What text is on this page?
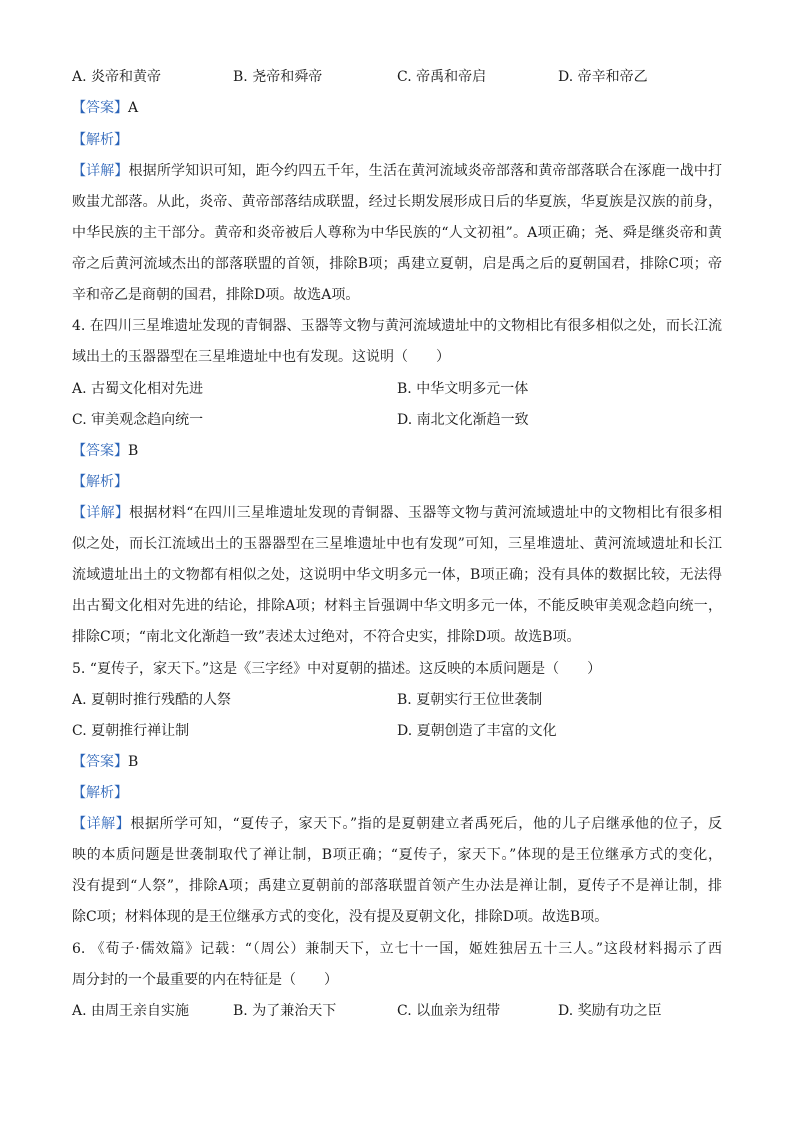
A. 炎帝和黄帝	B. 尧帝和舜帝	C. 帝禹和帝启	D. 帝辛和帝乙
【答案】A
【解析】
【详解】根据所学知识可知，距今约四五千年，生活在黄河流域炎帝部落和黄帝部落联合在涿鹿一战中打
败蚩尤部落。从此，炎帝、黄帝部落结成联盟，经过长期发展形成日后的华夏族，华夏族是汉族的前身，
中华民族的主干部分。黄帝和炎帝被后人尊称为中华民族的“人文初祖”。A项正确；尧、舜是继炎帝和黄
帝之后黄河流域杰出的部落联盟的首领，排除B项；禹建立夏朝，启是禹之后的夏朝国君，排除C项；帝
辛和帝乙是商朝的国君，排除D项。故选A项。
4. 在四川三星堆遗址发现的青铜器、玉器等文物与黄河流域遗址中的文物相比有很多相似之处，而长江流
域出土的玉器器型在三星堆遗址中也有发现。这说明（　　）
A. 古蜀文化相对先进	B. 中华文明多元一体
C. 审美观念趋向统一	D. 南北文化渐趋一致
【答案】B
【解析】
【详解】根据材料“在四川三星堆遗址发现的青铜器、玉器等文物与黄河流域遗址中的文物相比有很多相
似之处，而长江流域出土的玉器器型在三星堆遗址中也有发现”可知，三星堆遗址、黄河流域遗址和长江
流域遗址出土的文物都有相似之处，这说明中华文明多元一体，B项正确；没有具体的数据比较，无法得
出古蜀文化相对先进的结论，排除A项；材料主旨强调中华文明多元一体，不能反映审美观念趋向统一，
排除C项；“南北文化渐趋一致”表述太过绝对，不符合史实，排除D项。故选B项。
5. “夏传子，家天下。”这是《三字经》中对夏朝的描述。这反映的本质问题是（　　）
A. 夏朝时推行残酷的人祭	B. 夏朝实行王位世袭制
C. 夏朝推行禅让制	D. 夏朝创造了丰富的文化
【答案】B
【解析】
【详解】根据所学可知，“夏传子，家天下。”指的是夏朝建立者禹死后，他的儿子启继承他的位子，反
映的本质问题是世袭制取代了禅让制，B项正确；“夏传子，家天下。”体现的是王位继承方式的变化，
没有提到“人祭”，排除A项；禹建立夏朝前的部落联盟首领产生办法是禅让制，夏传子不是禅让制，排
除C项；材料体现的是王位继承方式的变化，没有提及夏朝文化，排除D项。故选B项。
6. 《荀子·儒效篇》记载：“（周公）兼制天下，立七十一国，姬姓独居五十三人。”这段材料揭示了西
周分封的一个最重要的内在特征是（　　）
A. 由周王亲自实施	B. 为了兼治天下	C. 以血亲为纽带	D. 奖励有功之臣
